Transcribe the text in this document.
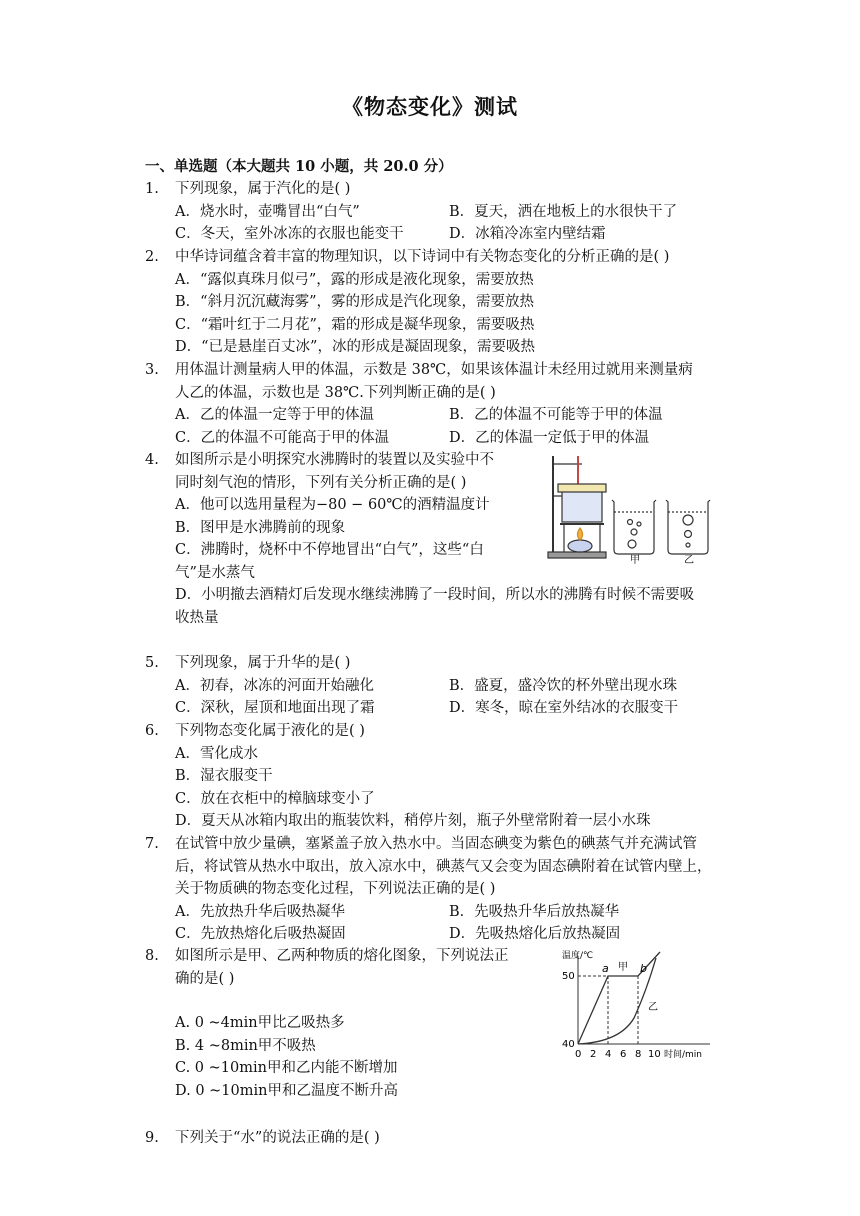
《物态变化》测试
一、单选题（本大题共 10 小题，共 20.0 分）
1.	下列现象，属于汽化的是( )
A．烧水时，壶嘴冒出“白气”	B．夏天，洒在地板上的水很快干了
C．冬天，室外冰冻的衣服也能变干	D．冰箱冷冻室内壁结霜
2.	中华诗词蕴含着丰富的物理知识，以下诗词中有关物态变化的分析正确的是( )
A．“露似真珠月似弓”，露的形成是液化现象，需要放热
B．“斜月沉沉藏海雾”，雾的形成是汽化现象，需要放热
C．“霜叶红于二月花”，霜的形成是凝华现象，需要吸热
D．“已是悬崖百丈冰”，冰的形成是凝固现象，需要吸热
3.	用体温计测量病人甲的体温，示数是 38℃，如果该体温计未经用过就用来测量病
人乙的体温，示数也是 38℃.下列判断正确的是( )
A．乙的体温一定等于甲的体温	B．乙的体温不可能等于甲的体温
C．乙的体温不可能高于甲的体温	D．乙的体温一定低于甲的体温
4.	如图所示是小明探究水沸腾时的装置以及实验中不
同时刻气泡的情形，下列有关分析正确的是( )
A．他可以选用量程为−80 − 60℃的酒精温度计
B．图甲是水沸腾前的现象
C．沸腾时，烧杯中不停地冒出“白气”，这些“白
气”是水蒸气
D．小明撤去酒精灯后发现水继续沸腾了一段时间，所以水的沸腾有时候不需要吸
收热量
甲	乙
5.	下列现象，属于升华的是( )
A．初春，冰冻的河面开始融化	B．盛夏，盛冷饮的杯外壁出现水珠
C．深秋，屋顶和地面出现了霜	D．寒冬，晾在室外结冰的衣服变干
6.	下列物态变化属于液化的是( )
A．雪化成水
B．湿衣服变干
C．放在衣柜中的樟脑球变小了
D．夏天从冰箱内取出的瓶装饮料，稍停片刻，瓶子外壁常附着一层小水珠
7.	在试管中放少量碘，塞紧盖子放入热水中。当固态碘变为紫色的碘蒸气并充满试管
后，将试管从热水中取出，放入凉水中，碘蒸气又会变为固态碘附着在试管内壁上，
关于物质碘的物态变化过程，下列说法正确的是( )
A．先放热升华后吸热凝华	B．先吸热升华后放热凝华
C．先放热熔化后吸热凝固	D．先吸热熔化后放热凝固
8.	如图所示是甲、乙两种物质的熔化图象，下列说法正
确的是( )
A. 0 ~4min甲比乙吸热多
B. 4 ~8min甲不吸热
C. 0 ~10min甲和乙内能不断增加
D. 0 ~10min甲和乙温度不断升高
温度/℃
50
40
0 2 4 6 8 10 时间/min
a	b
甲
乙
9.	下列关于“水”的说法正确的是( )
